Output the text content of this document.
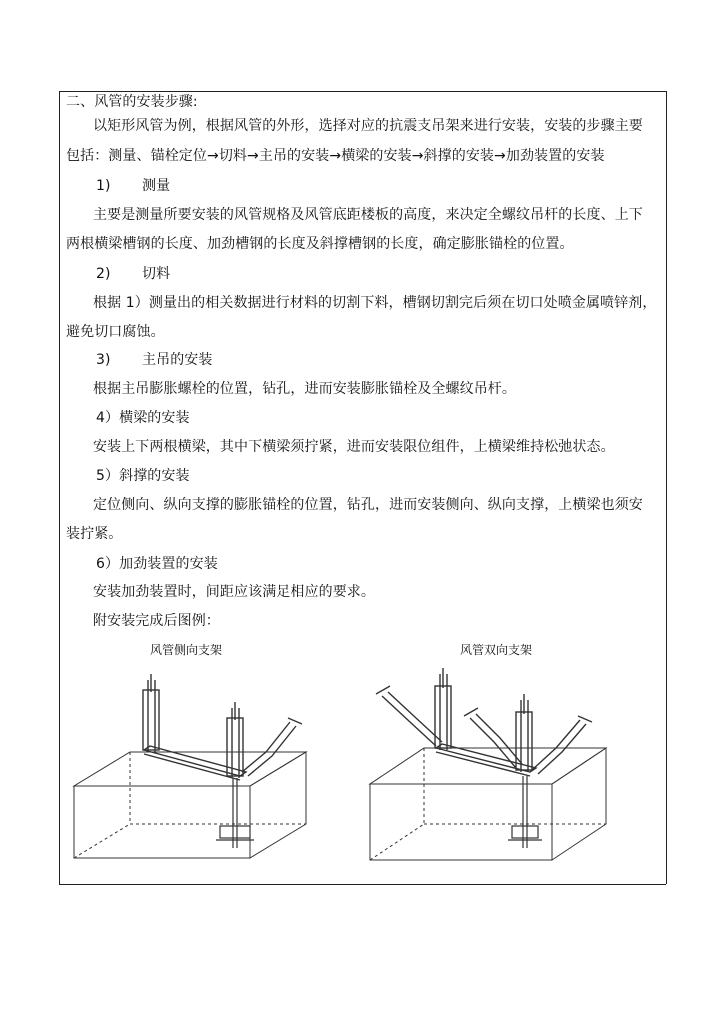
二、风管的安装步骤:
以矩形风管为例，根据风管的外形，选择对应的抗震支吊架来进行安装，安装的步骤主要
包括：测量、锚栓定位→切料→主吊的安装→横梁的安装→斜撑的安装→加劲装置的安装
1) 测量
主要是测量所要安装的风管规格及风管底距楼板的高度，来决定全螺纹吊杆的长度、上下
两根横梁槽钢的长度、加劲槽钢的长度及斜撑槽钢的长度，确定膨胀锚栓的位置。
2) 切料
根据 1）测量出的相关数据进行材料的切割下料，槽钢切割完后须在切口处喷金属喷锌剂，
避免切口腐蚀。
3) 主吊的安装
根据主吊膨胀螺栓的位置，钻孔，进而安装膨胀锚栓及全螺纹吊杆。
4）横梁的安装
安装上下两根横梁，其中下横梁须拧紧，进而安装限位组件，上横梁维持松弛状态。
5）斜撑的安装
定位侧向、纵向支撑的膨胀锚栓的位置，钻孔，进而安装侧向、纵向支撑，上横梁也须安
装拧紧。
6）加劲装置的安装
安装加劲装置时，间距应该满足相应的要求。
附安装完成后图例：
风管侧向支架	风管双向支架
